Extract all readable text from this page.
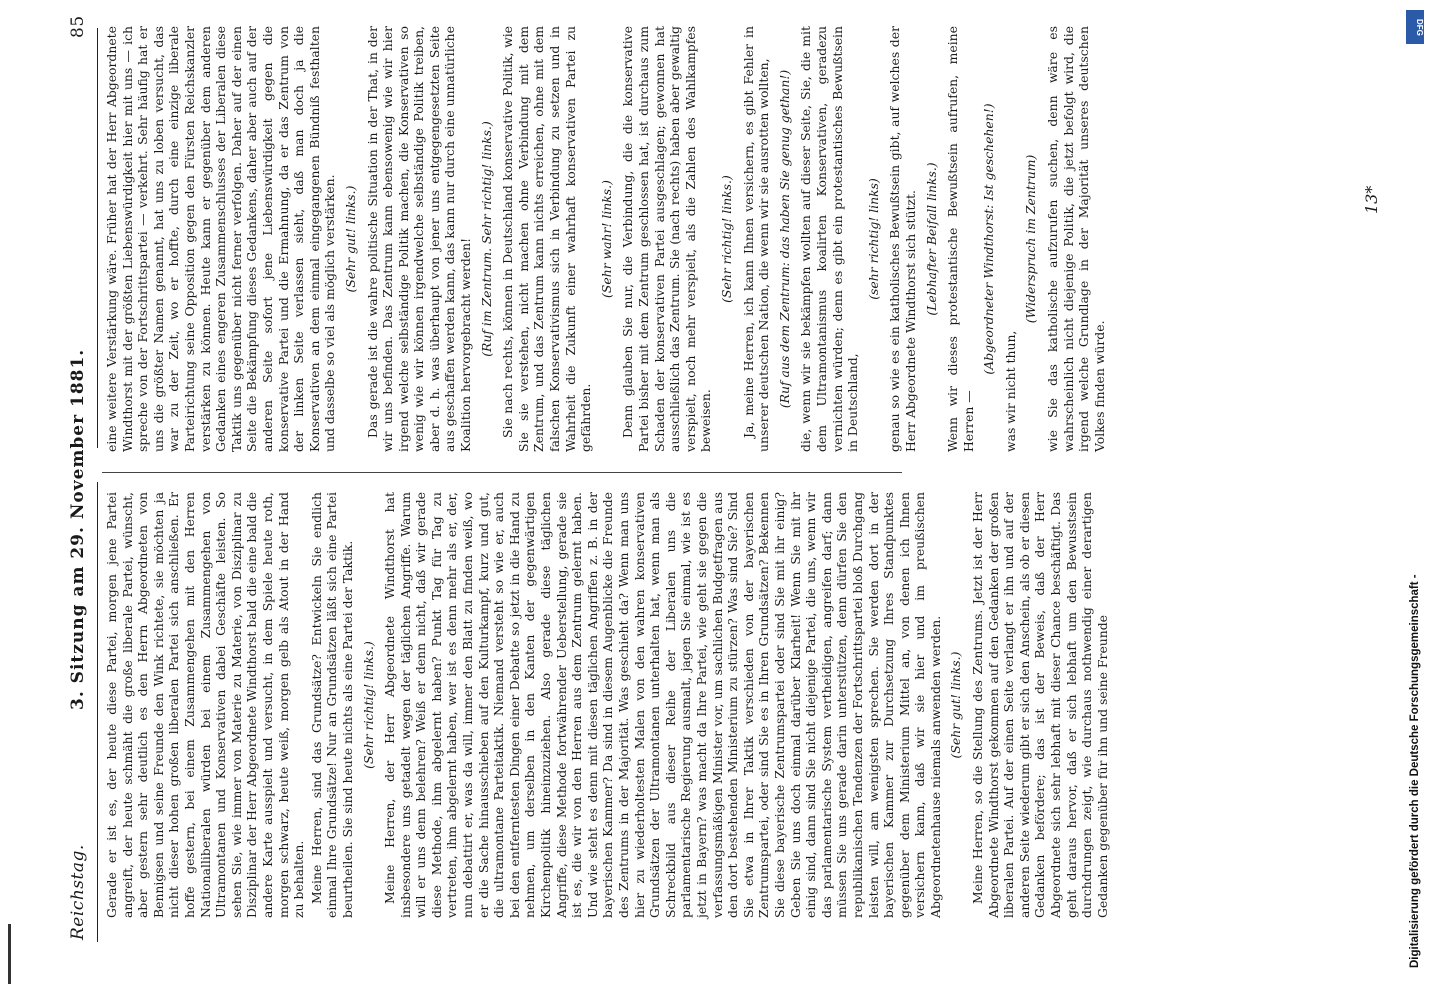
Reichstag.
3. Sitzung am 29. November 1881.
85

Gerade er ist es, der heute diese Partei, morgen jene Partei angreift, der heute schmäht die große liberale Partei, wünscht, aber gestern sehr deutlich es den Herrn Abgeordneten von Bennigsen und seine Freunde den Wink richtete, sie möchten ja nicht dieser hohen großen liberalen Partei sich anschließen. Er hoffe gestern, bei einem Zusammengehen mit den Herren Nationalliberalen würden bei einem Zusammengehen von Ultramontanen und Konservativen dabei Geschäfte leisten. So sehen Sie, wie immer von Materie zu Materie, von Disziplinar zu Disziplinar der Herr Abgeordnete Windthorst bald die eine bald die andere Karte ausspielt und versucht, in dem Spiele heute roth, morgen schwarz, heute weiß, morgen gelb als Atout in der Hand zu behalten. Meine Herren, sind das Grundsätze? Entwickeln Sie endlich einmal Ihre Grundsätze! Nur an Grundsätzen läßt sich eine Partei beurtheilen. Sie sind heute nichts als eine Partei der Taktik. (Sehr richtig! links.) Meine Herren, der Herr Abgeordnete Windthorst hat insbesondere uns getadelt wegen der täglichen Angriffe. Warum will er uns denn belehren? Weiß er denn nicht, daß wir gerade diese Methode, ihm abgelernt haben? Punkt Tag für Tag zu vertreten, ihm abgelernt haben, wer ist es denn mehr als er, der, nun debattirt er, was da will, immer den Blatt zu finden weiß, wo er die Sache hinausschieben auf den Kulturkampf, kurz und gut, die ultramontane Parteitaktik. Niemand versteht so wie er, auch bei den entferntesten Dingen einer Debatte so jetzt in die Hand zu nehmen, um derselben in den Kanten der gegenwärtigen Kirchenpolitik hineinzuziehen. Also gerade diese täglichen Angriffe, diese Methode fortwährender Ueberstellung, gerade sie ist es, die wir von den Herren aus dem Zentrum gelernt haben. Und wie steht es denn mit diesen täglichen Angriffen z. B. in der bayerischen Kammer? Da sind in diesem Augenblicke die Freunde des Zentrums in der Majorität. Was geschieht da? Wenn man uns hier zu wiederholtesten Malen von den wahren konservativen Grundsätzen der Ultramontanen unterhalten hat, wenn man als Schreckbild aus dieser Reihe der Liberalen uns die parlamentarische Regierung ausmalt, jagen Sie einmal, wie ist es jetzt in Bayern? was macht da Ihre Partei, wie geht sie gegen die verfassungsmäßigen Minister vor, um sachlichen Budgetfragen aus den dort bestehenden Ministerium zu stürzen? Was sind Sie? Sind Sie etwa in Ihrer Taktik verschieden von der bayerischen Zentrumspartei, oder sind Sie es in Ihren Grundsätzen? Bekennen Sie diese bayerische Zentrumspartei oder sind Sie mit ihr einig? Geben Sie uns doch einmal darüber Klarheit! Wenn Sie mit ihr einig sind, dann sind Sie nicht diejenige Partei, die uns, wenn wir das parlamentarische System vertheidigen, angreifen darf; dann müssen Sie uns gerade darin unterstützen, denn dürfen Sie den republikanischen Tendenzen der Fortschrittspartei bloß Durchgang leisten will, am wenigsten sprechen. Sie werden dort in der bayerischen Kammer zur Durchsetzung Ihres Standpunktes gegenüber dem Ministerium Mittel an, von denen ich Ihnen versichern kann, daß wir sie hier und im preußischen Abgeordnetenhause niemals anwenden werden. (Sehr gut! links.) Meine Herren, so die Stellung des Zentrums. Jetzt ist der Herr Abgeordnete Windthorst gekommen auf den Gedanken der großen liberalen Partei. Auf der einen Seite verlangt er ihn und auf der anderen Seite wiederum gibt er sich den Anschein, als ob er diesen Gedanken befördere; das ist der Beweis, daß der Herr Abgeordnete sich sehr lebhaft mit dieser Chance beschäftigt. Das geht daraus hervor, daß er sich lebhaft um den Bewusstsein durchdrungen zeigt, wie durchaus nothwendig einer derartigen Gedanken gegenüber für ihn und seine Freunde

eine weitere Verstärkung wäre. Früher hat der Herr Abgeordnete Windthorst mit der größten Liebenswürdigkeit hier mit uns — ich spreche von der Fortschrittspartei — verkehrt. Sehr häufig hat er uns die größter Namen genannt, hat uns zu loben versucht, das war zu der Zeit, wo er hoffte, durch eine einzige liberale Parteirichtung seine Opposition gegen den Fürsten Reichskanzler verstärken zu können. Heute kann er gegenüber dem anderen Gedanken eines engeren Zusammenschlusses der Liberalen diese Taktik uns gegenüber nicht ferner verfolgen. Daher auf der einen Seite die Bekämpfung dieses Gedankens, daher aber auch auf der anderen Seite sofort jene Liebenswürdigkeit gegen die konservative Partei und die Ermahnung, da er das Zentrum von der linken Seite verlassen sieht, daß man doch ja die Konservativen an dem einmal eingegangenen Bündniß festhalten und dasselbe so viel als möglich verstärken. (Sehr gut! links.) Das gerade ist die wahre politische Situation in der That, in der wir uns befinden. Das Zentrum kann ebensowenig wie wir hier irgend welche selbständige Politik machen, die Konservativen so wenig wie wir können irgendwelche selbständige Politik treiben, aber d. h. was überhaupt von jener uns entgegengesetzten Seite aus geschaffen werden kann, das kann nur durch eine unnatürliche Koalition hervorgebracht werden! (Ruf im Zentrum. Sehr richtig! links.) Sie nach rechts, können in Deutschland konservative Politik, wie Sie sie verstehen, nicht machen ohne Verbindung mit dem Zentrum, und das Zentrum kann nichts erreichen, ohne mit dem falschen Konservativismus sich in Verbindung zu setzen und in Wahrheit die Zukunft einer wahrhaft konservativen Partei zu gefährden.

(Sehr wahr! links.) Denn glauben Sie nur, die Verbindung, die die konservative Partei bisher mit dem Zentrum geschlossen hat, ist durchaus zum Schaden der konservativen Partei ausgeschlagen; gewonnen hat ausschließlich das Zentrum. Sie (nach rechts) haben aber gewaltig verspielt, noch mehr verspielt, als die Zahlen des Wahlkampfes beweisen.

(Sehr richtig! links.) Ja, meine Herren, ich kann Ihnen versichern, es gibt Fehler in unserer deutschen Nation, die wenn wir sie ausrotten wollten, (Ruf aus dem Zentrum: das haben Sie genug gethan!) die, wenn wir sie bekämpfen wollten auf dieser Seite, Sie, die mit dem Ultramontanismus koalirten Konservativen, geradezu vernichten würden; denn es gibt ein protestantisches Bewußtsein in Deutschland,

(sehr richtig! links) genau so wie es ein katholisches Bewußtsein gibt, auf welches der Herr Abgeordnete Windthorst sich stützt. (Lebhafter Beifall links.) Wenn wir dieses protestantische Bewußtsein aufrufen, meine Herren —

(Abgeordneter Windthorst: Ist geschehen!)

was wir nicht thun,

(Widerspruch im Zentrum) wie Sie das katholische aufzurufen suchen, denn wäre es wahrscheinlich nicht diejenige Politik, die jetzt befolgt wird, die irgend welche Grundlage in der Majorität unseres deutschen Volkes finden würde.

13*
Digitalisierung gefördert durch die Deutsche Forschungsgemeinschaft -
DFG
